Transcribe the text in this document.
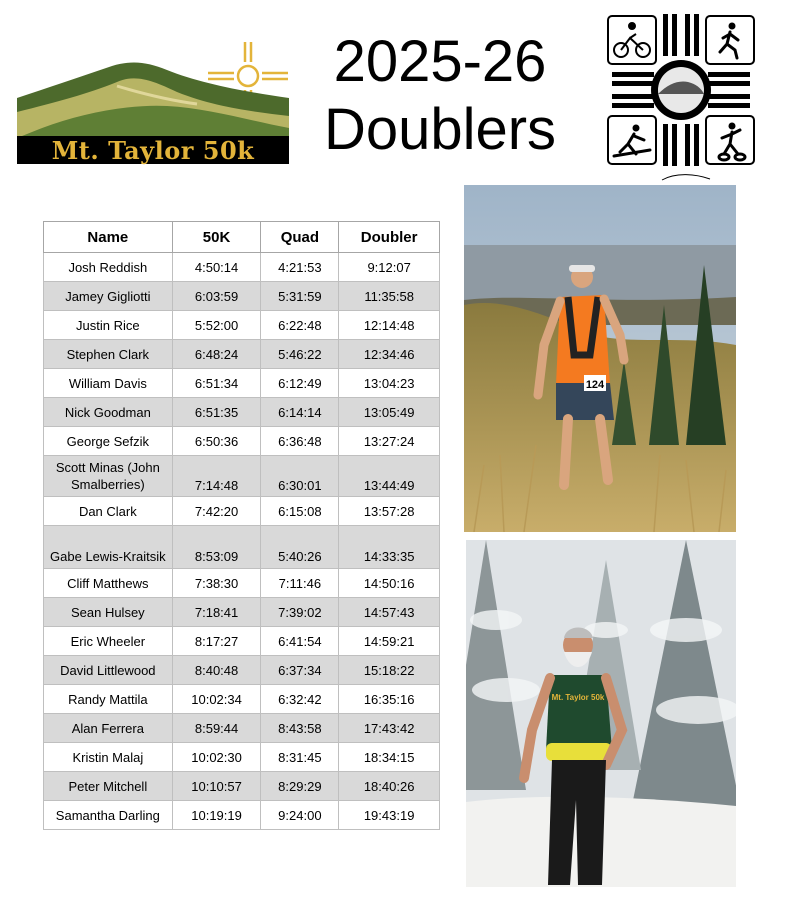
Mt. Taylor 50k
2025-26
Doublers
Name	50K	Quad	Doubler
Josh Reddish	4:50:14	4:21:53	9:12:07
Jamey Gigliotti	6:03:59	5:31:59	11:35:58
Justin Rice	5:52:00	6:22:48	12:14:48
Stephen Clark	6:48:24	5:46:22	12:34:46
William Davis	6:51:34	6:12:49	13:04:23
Nick Goodman	6:51:35	6:14:14	13:05:49
George Sefzik	6:50:36	6:36:48	13:27:24
Scott Minas (John Smalberries)	7:14:48	6:30:01	13:44:49
Dan Clark	7:42:20	6:15:08	13:57:28
Gabe Lewis-Kraitsik	8:53:09	5:40:26	14:33:35
Cliff Matthews	7:38:30	7:11:46	14:50:16
Sean Hulsey	7:18:41	7:39:02	14:57:43
Eric Wheeler	8:17:27	6:41:54	14:59:21
David Littlewood	8:40:48	6:37:34	15:18:22
Randy Mattila	10:02:34	6:32:42	16:35:16
Alan Ferrera	8:59:44	8:43:58	17:43:42
Kristin Malaj	10:02:30	8:31:45	18:34:15
Peter Mitchell	10:10:57	8:29:29	18:40:26
Samantha Darling	10:19:19	9:24:00	19:43:19
124
Mt. Taylor 50k
